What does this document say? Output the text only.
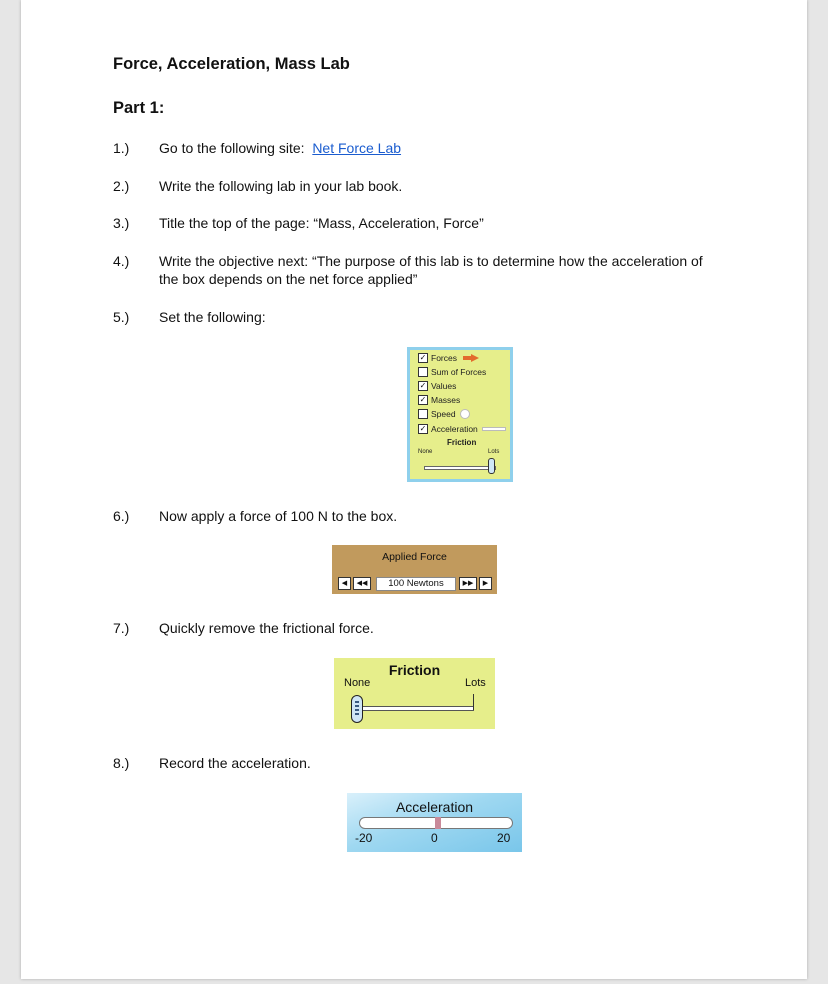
Force, Acceleration, Mass Lab
Part 1:
1.) Go to the following site: Net Force Lab
2.) Write the following lab in your lab book.
3.) Title the top of the page: “Mass, Acceleration, Force”
4.) Write the objective next: “The purpose of this lab is to determine how the acceleration of the box depends on the net force applied”
5.) Set the following:
✓ Forces
Sum of Forces
✓ Values
✓ Masses
Speed
✓ Acceleration
Friction
None	Lots
6.) Now apply a force of 100 N to the box.
Applied Force
◀	◀◀	100 Newtons	▶▶	▶
7.) Quickly remove the frictional force.
Friction
None	Lots
8.) Record the acceleration.
Acceleration
-20	0	20
